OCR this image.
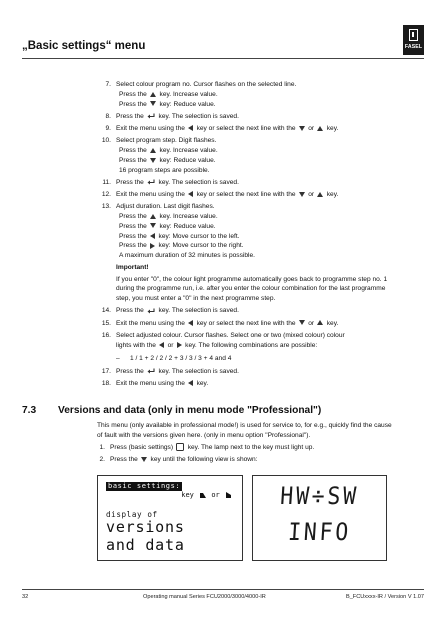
„Basic settings“ menu	FASEL
7. Select colour program no. Cursor flashes on the selected line.
Press the  key. Increase value.
Press the  key: Reduce value.
8. Press the
key. The selection is saved.
9. Exit the menu using the  key or select the next line with the  or  key.
10. Select program step. Digit flashes.
Press the  key. Increase value.
Press the  key: Reduce value.
16 program steps are possible.
11. Press the
key. The selection is saved.
12. Exit the menu using the  key or select the next line with the  or  key.
13. Adjust duration. Last digit flashes.
Press the  key. Increase value.
Press the  key: Reduce value.
Press the  key: Move cursor to the left.
Press the  key: Move cursor to the right.
A maximum duration of 32 minutes is possible.
Important!
If you enter "0", the colour light programme automatically goes back to programme step no. 1 during the programme run, i.e. after you enter the colour combination for the last programme step, you must enter a "0" in the next programme step.
14. Press the
key. The selection is saved.
15. Exit the menu using the  key or select the next line with the  or  key.
16. Select adjusted colour. Cursor flashes. Select one or two (mixed colour) colour
lights with the  or  key. The following combinations are possible:
– 1 / 1 + 2 / 2 / 2 + 3 / 3 / 3 + 4 and 4
17. Press the
key. The selection is saved.
18. Exit the menu using the  key.
7.3 Versions and data (only in menu mode "Professional")
This menu (only available in professional mode!) is used for service to, for e.g., quickly find the cause of fault with the versions given here. (only in menu option "Professional").
1. Press (basic settings)  key. The lamp next to the key must light up.
2. Press the  key until the following view is shown:
basic settings:
key or
display of
versions
and data
HW÷SW
INFO
32	Operating manual Series FCU2000/3000/4000-IR	B_FCUxxxx-IR / Version V 1.07
